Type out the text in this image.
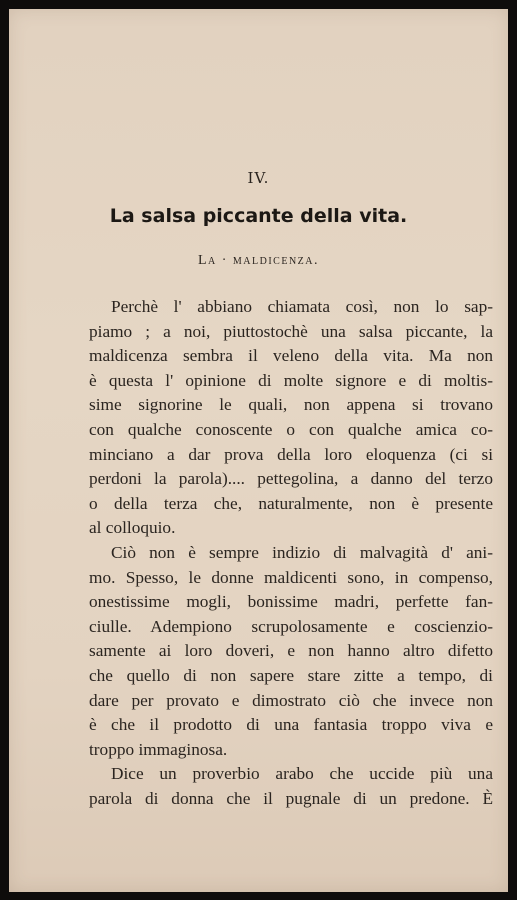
IV.
La salsa piccante della vita.
La · maldicenza.
Perchè l' abbiano chiamata così, non lo sap-
piamo ; a noi, piuttostochè una salsa piccante, la
maldicenza sembra il veleno della vita. Ma non
è questa l' opinione di molte signore e di moltis-
sime signorine le quali, non appena si trovano
con qualche conoscente o con qualche amica co-
minciano a dar prova della loro eloquenza (ci si
perdoni la parola).... pettegolina, a danno del terzo
o della terza che, naturalmente, non è presente
al colloquio.
Ciò non è sempre indizio di malvagità d' ani-
mo. Spesso, le donne maldicenti sono, in compenso,
onestissime mogli, bonissime madri, perfette fan-
ciulle. Adempiono scrupolosamente e coscienzio-
samente ai loro doveri, e non hanno altro difetto
che quello di non sapere stare zitte a tempo, di
dare per provato e dimostrato ciò che invece non
è che il prodotto di una fantasia troppo viva e
troppo immaginosa.
Dice un proverbio arabo che uccide più una
parola di donna che il pugnale di un predone. È
